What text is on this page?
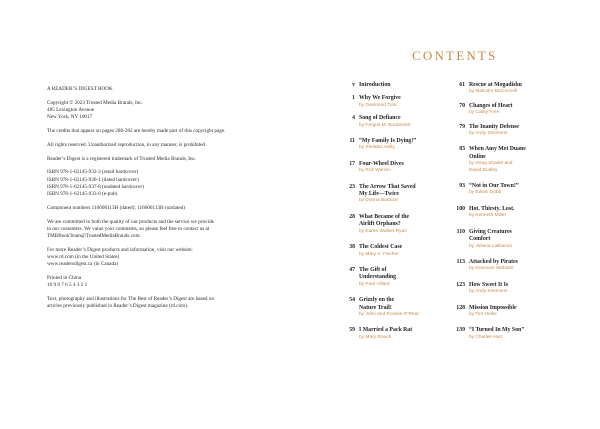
A READER’S DIGEST BOOK

Copyright © 2023 Trusted Media Brands, Inc.
485 Lexington Avenue
New York, NY 10017

The credits that appear on pages 280-282 are hereby made part of this copyright page.

All rights reserved. Unauthorized reproduction, in any manner, is prohibited.

Reader’s Digest is a registered trademark of Trusted Media Brands, Inc.

ISBN 978-1-62145-932-3 (retail hardcover)
ISBN 978-1-62145-936-1 (dated hardcover)
ISBN 978-1-62145-937-8 (undated hardcover)
ISBN 978-1-62145-933-0 (e-pub)

Component numbers 116600113H (dated); 116600113H (undated)

We are committed to both the quality of our products and the service we provide
to our customers. We value your comments, so please feel free to contact us at
TMBBookTeam@TrustedMediaBrands.com.

For more Reader’s Digest products and information, visit our website:
www.rd.com (in the United States)
www.readersdigest.ca (in Canada)

Printed in China
10 9 8 7 6 5 4 3 2 1

Text, photography and illustrations for The Best of Reader’s Digest are based on
articles previously published in Reader’s Digest magazine (rd.com).

CONTENTS
v Introduction
1 Why We Forgive
by Desmond Tutu
4 Song of Defiance
by Fergus M. Bordewich
11 “My Family Is Dying!”
by Sheldon Kelly
17 Four-Wheel Dives
by Roz Warren
23 The Arrow That Saved
My Life—Twice
by Donna Barbour
28 What Became of the
Airlift Orphans?
by Karen Walker Ryan
38 The Coldest Case
by Mary A. Fischer
47 The Gift of
Understanding
by Paul Villard
54 Grizzly on the
Nature Trail!
by John and Frankie O’Rear
59 I Married a Pack Rat
by Mary Roach
61 Rescue at Mogadishu
by Malcolm McConnell
70 Changes of Heart
by Cathy Free
79 The Inanity Defense
by Andy Simmons
83 When Amy Met Duane
Online
by Doug Shadel and
David Dudley
93 “Not in Our Town!”
by Edwin Dobb
100 Hot. Thirsty. Lost.
by Kenneth Miller
110 Giving Creatures
Comfort
by Juliana LaBianca
113 Attacked by Pirates
by Donovan Webster
123 How Sweet It Is
by Andy Simmons
128 Mission Impossible
by Tim Hulse
139 “I Turned In My Son”
by Charles Hurt
